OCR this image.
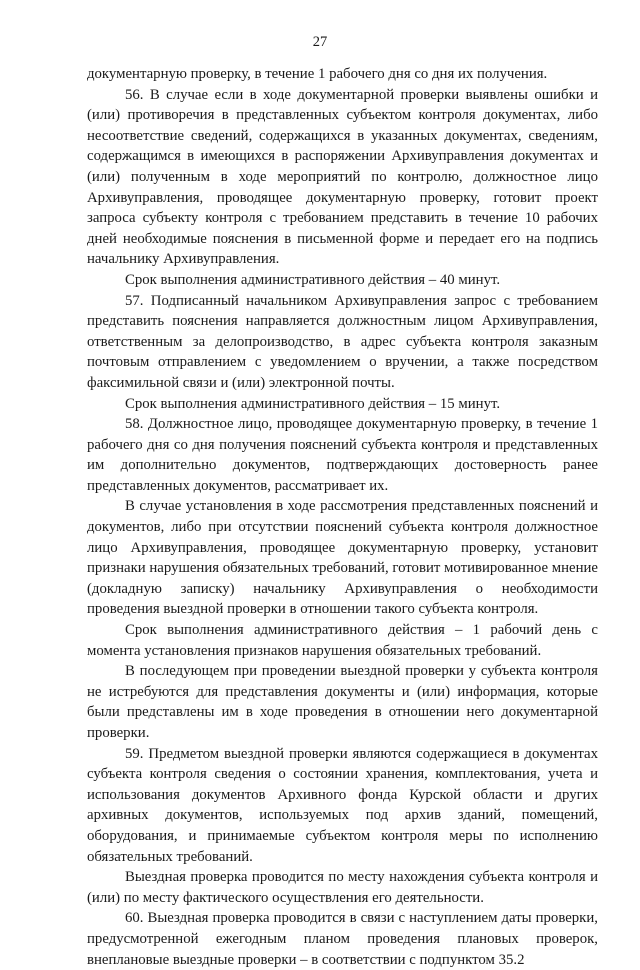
27

документарную проверку, в течение 1 рабочего дня со дня их получения.

56. В случае если в ходе документарной проверки выявлены ошибки и (или) противоречия в представленных субъектом контроля документах, либо несоответствие сведений, содержащихся в указанных документах, сведениям, содержащимся в имеющихся в распоряжении Архивуправления документах и (или) полученным в ходе мероприятий по контролю, должностное лицо Архивуправления, проводящее документарную проверку, готовит проект запроса субъекту контроля с требованием представить в течение 10 рабочих дней необходимые пояснения в письменной форме и передает его на подпись начальнику Архивуправления.

Срок выполнения административного действия – 40 минут.

57. Подписанный начальником Архивуправления запрос с требованием представить пояснения направляется должностным лицом Архивуправления, ответственным за делопроизводство, в адрес субъекта контроля заказным почтовым отправлением с уведомлением о вручении, а также посредством факсимильной связи и (или) электронной почты.

Срок выполнения административного действия – 15 минут.

58. Должностное лицо, проводящее документарную проверку, в течение 1 рабочего дня со дня получения пояснений субъекта контроля и представленных им дополнительно документов, подтверждающих достоверность ранее представленных документов, рассматривает их.

В случае установления в ходе рассмотрения представленных пояснений и документов, либо при отсутствии пояснений субъекта контроля должностное лицо Архивуправления, проводящее документарную проверку, установит признаки нарушения обязательных требований, готовит мотивированное мнение (докладную записку) начальнику Архивуправления о необходимости проведения выездной проверки в отношении такого субъекта контроля.

Срок выполнения административного действия – 1 рабочий день с момента установления признаков нарушения обязательных требований.

В последующем при проведении выездной проверки у субъекта контроля не истребуются для представления документы и (или) информация, которые были представлены им в ходе проведения в отношении него документарной проверки.

59. Предметом выездной проверки являются содержащиеся в документах субъекта контроля сведения о состоянии хранения, комплектования, учета и использования документов Архивного фонда Курской области и других архивных документов, используемых под архив зданий, помещений, оборудования, и принимаемые субъектом контроля меры по исполнению обязательных требований.

Выездная проверка проводится по месту нахождения субъекта контроля и (или) по месту фактического осуществления его деятельности.

60. Выездная проверка проводится в связи с наступлением даты проверки, предусмотренной ежегодным планом проведения плановых проверок, внеплановые выездные проверки – в соответствии с подпунктом 35.2
